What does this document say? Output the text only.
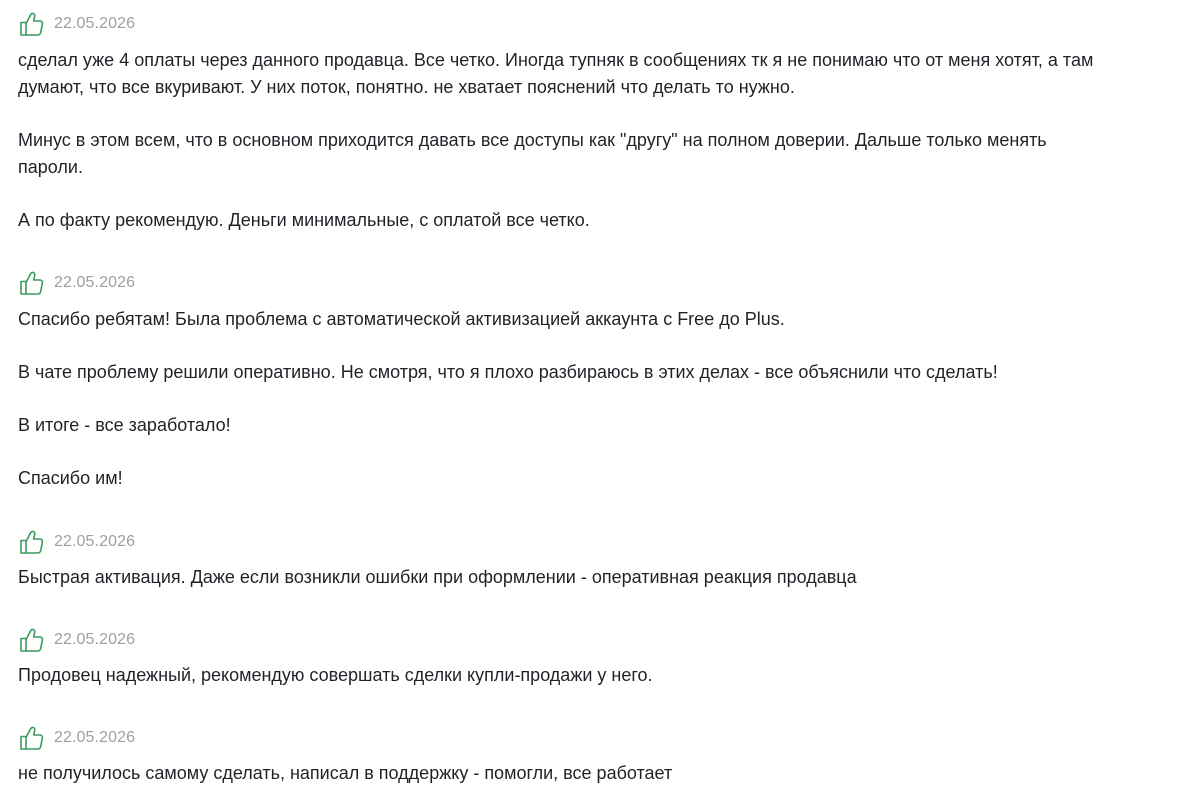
22.05.2026

сделал уже 4 оплаты через данного продавца. Все четко. Иногда тупняк в сообщениях тк я не понимаю что от меня хотят, а там

думают, что все вкуривают. У них поток, понятно. не хватает пояснений что делать то нужно.

Минус в этом всем, что в основном приходится давать все доступы как "другу" на полном доверии. Дальше только менять

пароли.

А по факту рекомендую. Деньги минимальные, с оплатой все четко.

22.05.2026

Спасибо ребятам! Была проблема с автоматической активизацией аккаунта с Free до Plus.

В чате проблему решили оперативно. Не смотря, что я плохо разбираюсь в этих делах - все объяснили что сделать!

В итоге - все заработало!

Спасибо им!

22.05.2026

Быстрая активация. Даже если возникли ошибки при оформлении - оперативная реакция продавца

22.05.2026

Продовец надежный, рекомендую совершать сделки купли-продажи у него.

22.05.2026

не получилось самому сделать, написал в поддержку - помогли, все работает
